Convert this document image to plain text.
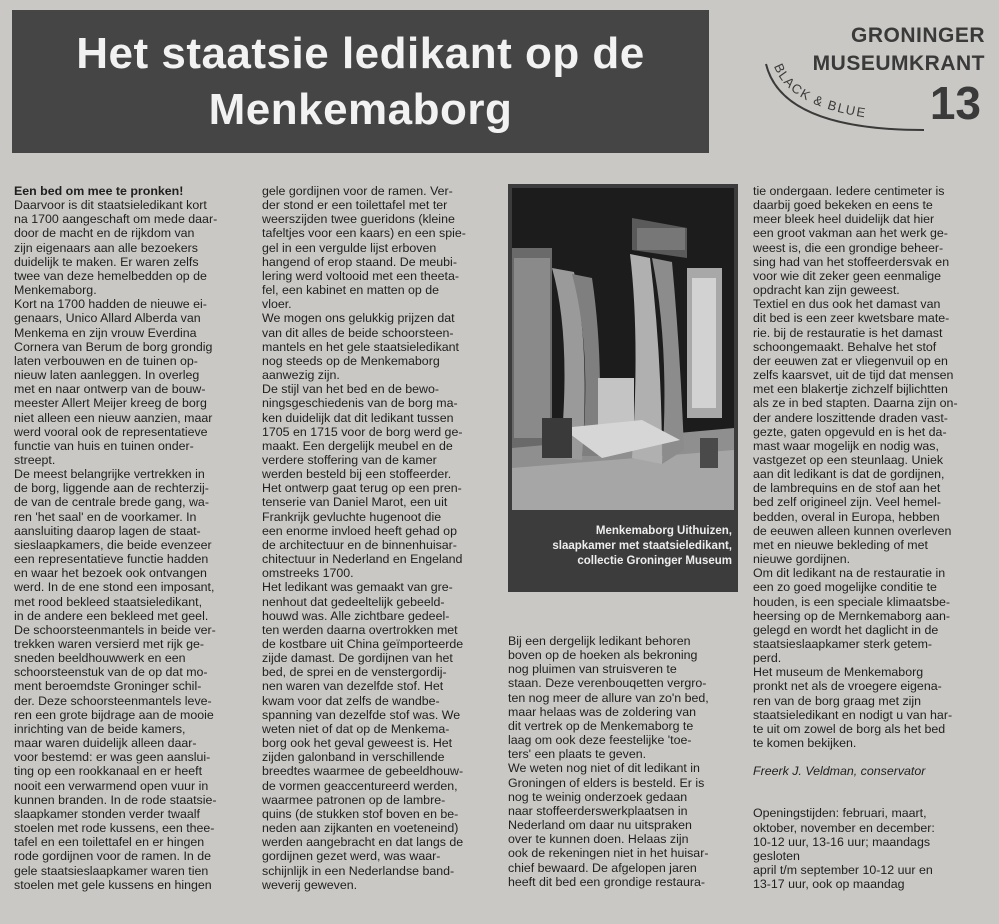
Het staatsie ledikant op de
Menkemaborg
GRONINGER
MUSEUMKRANT
BLACK & BLUE 13

Een bed om mee te pronken!

Daarvoor is dit staatsieledikant kort

na 1700 aangeschaft om mede daar-

door de macht en de rijkdom van

zijn eigenaars aan alle bezoekers

duidelijk te maken. Er waren zelfs

twee van deze hemelbedden op de

Menkemaborg.

Kort na 1700 hadden de nieuwe ei-

genaars, Unico Allard Alberda van

Menkema en zijn vrouw Everdina

Cornera van Berum de borg grondig

laten verbouwen en de tuinen op-

nieuw laten aanleggen. In overleg

met en naar ontwerp van de bouw-

meester Allert Meijer kreeg de borg

niet alleen een nieuw aanzien, maar

werd vooral ook de representatieve

functie van huis en tuinen onder-

streept.

De meest belangrijke vertrekken in

de borg, liggende aan de rechterzij-

de van de centrale brede gang, wa-

ren 'het saal' en de voorkamer. In

aansluiting daarop lagen de staat-

sieslaapkamers, die beide evenzeer

een representatieve functie hadden

en waar het bezoek ook ontvangen

werd. In de ene stond een imposant,

met rood bekleed staatsieledikant,

in de andere een bekleed met geel.

De schoorsteenmantels in beide ver-

trekken waren versierd met rijk ge-

sneden beeldhouwwerk en een

schoorsteenstuk van de op dat mo-

ment beroemdste Groninger schil-

der. Deze schoorsteenmantels leve-

ren een grote bijdrage aan de mooie

inrichting van de beide kamers,

maar waren duidelijk alleen daar-

voor bestemd: er was geen aanslui-

ting op een rookkanaal en er heeft

nooit een verwarmend open vuur in

kunnen branden. In de rode staatsie-

slaapkamer stonden verder twaalf

stoelen met rode kussens, een thee-

tafel en een toilettafel en er hingen

rode gordijnen voor de ramen. In de

gele staatsieslaapkamer waren tien

stoelen met gele kussens en hingen

gele gordijnen voor de ramen. Ver-

der stond er een toilettafel met ter

weerszijden twee gueridons (kleine

tafeltjes voor een kaars) en een spie-

gel in een vergulde lijst erboven

hangend of erop staand. De meubi-

lering werd voltooid met een theeta-

fel, een kabinet en matten op de

vloer.

We mogen ons gelukkig prijzen dat

van dit alles de beide schoorsteen-

mantels en het gele staatsieledikant

nog steeds op de Menkemaborg

aanwezig zijn.

De stijl van het bed en de bewo-

ningsgeschiedenis van de borg ma-

ken duidelijk dat dit ledikant tussen

1705 en 1715 voor de borg werd ge-

maakt. Een dergelijk meubel en de

verdere stoffering van de kamer

werden besteld bij een stoffeerder.

Het ontwerp gaat terug op een pren-

tenserie van Daniel Marot, een uit

Frankrijk gevluchte hugenoot die

een enorme invloed heeft gehad op

de architectuur en de binnenhuisar-

chitectuur in Nederland en Engeland

omstreeks 1700.

Het ledikant was gemaakt van gre-

nenhout dat gedeeltelijk gebeeld-

houwd was. Alle zichtbare gedeel-

ten werden daarna overtrokken met

de kostbare uit China geïmporteerde

zijde damast. De gordijnen van het

bed, de sprei en de venstergordij-

nen waren van dezelfde stof. Het

kwam voor dat zelfs de wandbe-

spanning van dezelfde stof was. We

weten niet of dat op de Menkema-

borg ook het geval geweest is. Het

zijden galonband in verschillende

breedtes waarmee de gebeeldhouw-

de vormen geaccentureerd werden,

waarmee patronen op de lambre-

quins (de stukken stof boven en be-

neden aan zijkanten en voeteneind)

werden aangebracht en dat langs de

gordijnen gezet werd, was waar-

schijnlijk in een Nederlandse band-

weverij geweven.

Menkemaborg Uithuizen,
slaapkamer met staatsieledikant,
collectie Groninger Museum

Bij een dergelijk ledikant behoren

boven op de hoeken als bekroning

nog pluimen van struisveren te

staan. Deze verenbouqetten vergro-

ten nog meer de allure van zo'n bed,

maar helaas was de zoldering van

dit vertrek op de Menkemaborg te

laag om ook deze feestelijke 'toe-

ters' een plaats te geven.

We weten nog niet of dit ledikant in

Groningen of elders is besteld. Er is

nog te weinig onderzoek gedaan

naar stoffeerderswerkplaatsen in

Nederland om daar nu uitspraken

over te kunnen doen. Helaas zijn

ook de rekeningen niet in het huisar-

chief bewaard. De afgelopen jaren

heeft dit bed een grondige restaura-

tie ondergaan. Iedere centimeter is

daarbij goed bekeken en eens te

meer bleek heel duidelijk dat hier

een groot vakman aan het werk ge-

weest is, die een grondige beheer-

sing had van het stoffeerdersvak en

voor wie dit zeker geen eenmalige

opdracht kan zijn geweest.

Textiel en dus ook het damast van

dit bed is een zeer kwetsbare mate-

rie. bij de restauratie is het damast

schoongemaakt. Behalve het stof

der eeuwen zat er vliegenvuil op en

zelfs kaarsvet, uit de tijd dat mensen

met een blakertje zichzelf bijlichtten

als ze in bed stapten. Daarna zijn on-

der andere loszittende draden vast-

gezte, gaten opgevuld en is het da-

mast waar mogelijk en nodig was,

vastgezet op een steunlaag. Uniek

aan dit ledikant is dat de gordijnen,

de lambrequins en de stof aan het

bed zelf origineel zijn. Veel hemel-

bedden, overal in Europa, hebben

de eeuwen alleen kunnen overleven

met en nieuwe bekleding of met

nieuwe gordijnen.

Om dit ledikant na de restauratie in

een zo goed mogelijke conditie te

houden, is een speciale klimaatsbe-

heersing op de Mernkemaborg aan-

gelegd en wordt het daglicht in de

staatsieslaapkamer sterk getem-

perd.

Het museum de Menkemaborg

pronkt net als de vroegere eigena-

ren van de borg graag met zijn

staatsieledikant en nodigt u van har-

te uit om zowel de borg als het bed

te komen bekijken.

Freerk J. Veldman, conservator

Openingstijden: februari, maart,

oktober, november en december:

10-12 uur, 13-16 uur; maandags

gesloten

april t/m september 10-12 uur en

13-17 uur, ook op maandag
